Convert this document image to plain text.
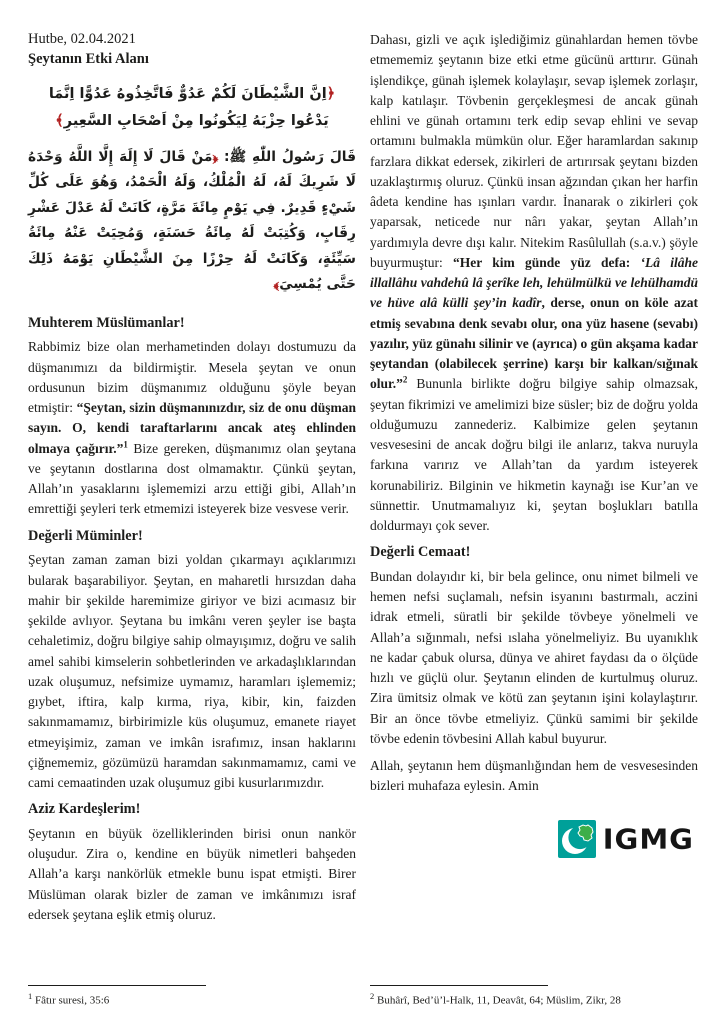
Hutbe, 02.04.2021

Şeytanın Etki Alanı

﴿اِنَّ الشَّيْطَانَ لَكُمْ عَدُوٌّ فَاتَّخِذُوهُ عَدُوًّا اِنَّمَا يَدْعُوا حِزْبَهُ لِيَكُونُوا مِنْ اَصْحَابِ السَّعِيرِ﴾
قَالَ رَسُولُ اللّٰهِ ﷺ: ﴿مَنْ قَالَ لَا إِلَهَ إِلَّا اللَّهُ وَحْدَهُ لَا شَرِيكَ لَهُ، لَهُ الْمُلْكُ، وَلَهُ الْحَمْدُ، وَهُوَ عَلَى كُلِّ شَيْءٍ قَدِيرٌ. فِي يَوْمٍ مِائَةَ مَرَّةٍ، كَانَتْ لَهُ عَدْلَ عَشْرِ رِقَابٍ، وَكُتِبَتْ لَهُ مِائَةُ حَسَنَةٍ، وَمُحِيَتْ عَنْهُ مِائَةُ سَيِّئَةٍ، وَكَانَتْ لَهُ حِرْزًا مِنَ الشَّيْطَانِ يَوْمَهُ ذَلِكَ حَتَّى يُمْسِيَ﴾
Muhterem Müslümanlar!

Rabbimiz bize olan merhametinden dolayı dostumuzu da düşmanımızı da bildirmiştir. Mesela şeytan ve onun ordusunun bizim düşmanımız olduğunu şöyle beyan etmiştir: “Şeytan, sizin düşmanınızdır, siz de onu düşman sayın. O, kendi taraftarlarını ancak ateş ehlinden olmaya çağırır.”$^1$ Bize gereken, düşmanımız olan şeytana ve şeytanın dostlarına dost olmamaktır. Çünkü şeytan, Allah’ın yasaklarını işlememizi arzu ettiği gibi, Allah’ın emrettiği şeyleri terk etmemizi isteyerek bize vesvese verir.

Değerli Müminler!

Şeytan zaman zaman bizi yoldan çıkarmayı açıklarımızı bularak başarabiliyor. Şeytan, en maharetli hırsızdan daha mahir bir şekilde haremimize giriyor ve bizi acımasız bir şekilde avlıyor. Şeytana bu imkânı veren şeyler ise başta cehaletimiz, doğru bilgiye sahip olmayışımız, doğru ve salih amel sahibi kimselerin sohbetlerinden ve arkadaşlıklarından uzak oluşumuz, nefsimize uymamız, haramları işlememiz; gıybet, iftira, kalp kırma, riya, kibir, kin, faizden sakınmamamız, birbirimizle küs oluşumuz, emanete riayet etmeyişimiz, zaman ve imkân israfımız, insan haklarını çiğnememiz, gözümüzü haramdan sakınmamamız, cami ve cami cemaatinden uzak oluşumuz gibi kusurlarımızdır.

Aziz Kardeşlerim!

Şeytanın en büyük özelliklerinden birisi onun nankör oluşudur. Zira o, kendine en büyük nimetleri bahşeden Allah’a karşı nankörlük etmekle bunu ispat etmişti. Birer Müslüman olarak bizler de zaman ve imkânımızı israf edersek şeytana eşlik etmiş oluruz.

$^1$ Fâtır suresi, 35:6

Dahası, gizli ve açık işlediğimiz günahlardan hemen tövbe etmememiz şeytanın bize etki etme gücünü arttırır. Günah işlendikçe, günah işlemek kolaylaşır, sevap işlemek zorlaşır, kalp katılaşır. Tövbenin gerçekleşmesi de ancak günah ehlini ve günah ortamını terk edip sevap ehlini ve sevap ortamını bulmakla mümkün olur. Eğer haramlardan sakınıp farzlara dikkat edersek, zikirleri de artırırsak şeytanı bizden uzaklaştırmış oluruz. Çünkü insan ağzından çıkan her harfin âdeta kendine has ışınları vardır. İnanarak o zikirleri çok yaparsak, neticede nur nârı yakar, şeytan Allah’ın yardımıyla devre dışı kalır. Nitekim Rasûlullah (s.a.v.) şöyle buyurmuştur: “Her kim günde yüz defa: ‘Lâ ilâhe illallâhu vahdehû lâ şerîke leh, lehülmülkü ve lehülhamdü ve hüve alâ külli şey’in kadîr, derse, onun on köle azat etmiş sevabına denk sevabı olur, ona yüz hasene (sevabı) yazılır, yüz günahı silinir ve (ayrıca) o gün akşama kadar şeytandan (olabilecek şerrine) karşı bir kalkan/sığınak olur.”$^2$ Bununla birlikte doğru bilgiye sahip olmazsak, şeytan fikrimizi ve amelimizi bize süsler; biz de doğru yolda olduğumuzu zannederiz. Kalbimize gelen şeytanın vesvesesini de ancak doğru bilgi ile anlarız, takva nuruyla farkına varırız ve Allah’tan da yardım isteyerek korunabiliriz. Bilginin ve hikmetin kaynağı ise Kur’an ve sünnettir. Unutmamalıyız ki, şeytan boşlukları batılla doldurmayı çok sever.

Değerli Cemaat!

Bundan dolayıdır ki, bir bela gelince, onu nimet bilmeli ve hemen nefsi suçlamalı, nefsin isyanını bastırmalı, aczini idrak etmeli, süratli bir şekilde tövbeye yönelmeli ve Allah’a sığınmalı, nefsi ıslaha yönelmeliyiz. Bu uyanıklık ne kadar çabuk olursa, dünya ve ahiret faydası da o ölçüde hızlı ve güçlü olur. Şeytanın elinden de kurtulmuş oluruz. Zira ümitsiz olmak ve kötü zan şeytanın işini kolaylaştırır. Bir an önce tövbe etmeliyiz. Çünkü samimi bir şekilde tövbe edenin tövbesini Allah kabul buyurur.

Allah, şeytanın hem düşmanlığından hem de vesvesesinden bizleri muhafaza eylesin. Amin

IGMG
$^2$ Buhârî, Bed’ü’l-Halk, 11, Deavât, 64; Müslim, Zikr, 28
